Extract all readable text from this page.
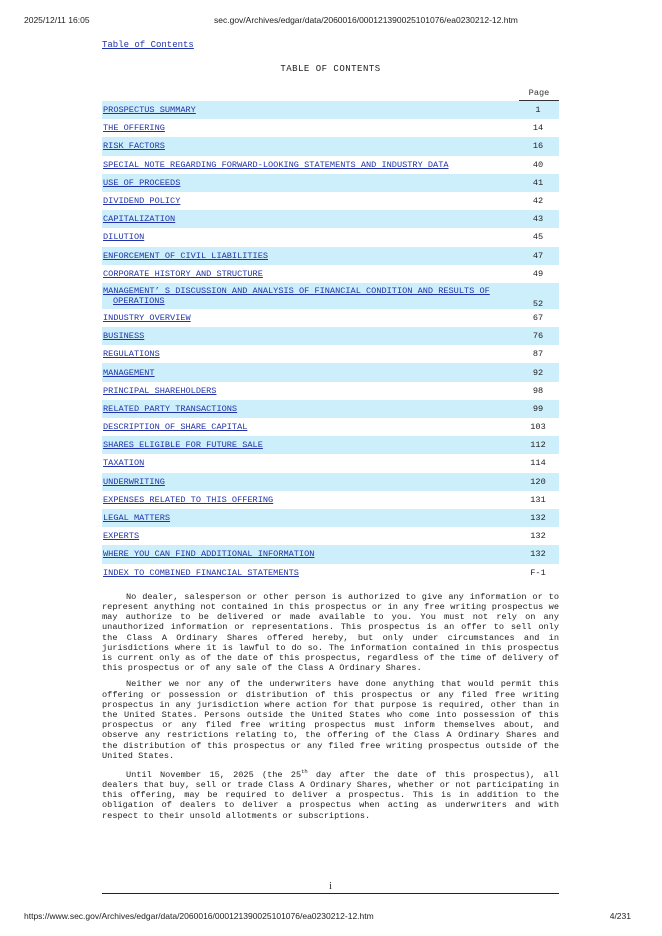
2025/12/11 16:05	sec.gov/Archives/edgar/data/2060016/000121390025101076/ea0230212-12.htm
Table of Contents
TABLE OF CONTENTS

	Page

PROSPECTUS SUMMARY	1
THE OFFERING	14
RISK FACTORS	16
SPECIAL NOTE REGARDING FORWARD-LOOKING STATEMENTS AND INDUSTRY DATA	40
USE OF PROCEEDS	41
DIVIDEND POLICY	42
CAPITALIZATION	43
DILUTION	45
ENFORCEMENT OF CIVIL LIABILITIES	47
CORPORATE HISTORY AND STRUCTURE	49
MANAGEMENT’ S DISCUSSION AND ANALYSIS OF FINANCIAL CONDITION AND RESULTS OF
OPERATIONS	52
INDUSTRY OVERVIEW	67
BUSINESS	76
REGULATIONS	87
MANAGEMENT	92
PRINCIPAL SHAREHOLDERS	98
RELATED PARTY TRANSACTIONS	99
DESCRIPTION OF SHARE CAPITAL	103
SHARES ELIGIBLE FOR FUTURE SALE	112
TAXATION	114
UNDERWRITING	120
EXPENSES RELATED TO THIS OFFERING	131
LEGAL MATTERS	132
EXPERTS	132
WHERE YOU CAN FIND ADDITIONAL INFORMATION	132
INDEX TO COMBINED FINANCIAL STATEMENTS	F-1

No dealer, salesperson or other person is authorized to give any information or to represent anything not contained in this prospectus or in any free writing prospectus we may authorize to be delivered or made available to you. You must not rely on any unauthorized information or representations. This prospectus is an offer to sell only the Class A Ordinary Shares offered hereby, but only under circumstances and in jurisdictions where it is lawful to do so. The information contained in this prospectus is current only as of the date of this prospectus, regardless of the time of delivery of this prospectus or of any sale of the Class A Ordinary Shares.

Neither we nor any of the underwriters have done anything that would permit this offering or possession or distribution of this prospectus or any filed free writing prospectus in any jurisdiction where action for that purpose is required, other than in the United States. Persons outside the United States who come into possession of this prospectus or any filed free writing prospectus must inform themselves about, and observe any restrictions relating to, the offering of the Class A Ordinary Shares and the distribution of this prospectus or any filed free writing prospectus outside of the United States.

Until November 15, 2025 (the 25th day after the date of this prospectus), all dealers that buy, sell or trade Class A Ordinary Shares, whether or not participating in this offering, may be required to deliver a prospectus. This is in addition to the obligation of dealers to deliver a prospectus when acting as underwriters and with respect to their unsold allotments or subscriptions.

i
https://www.sec.gov/Archives/edgar/data/2060016/000121390025101076/ea0230212-12.htm	4/231
